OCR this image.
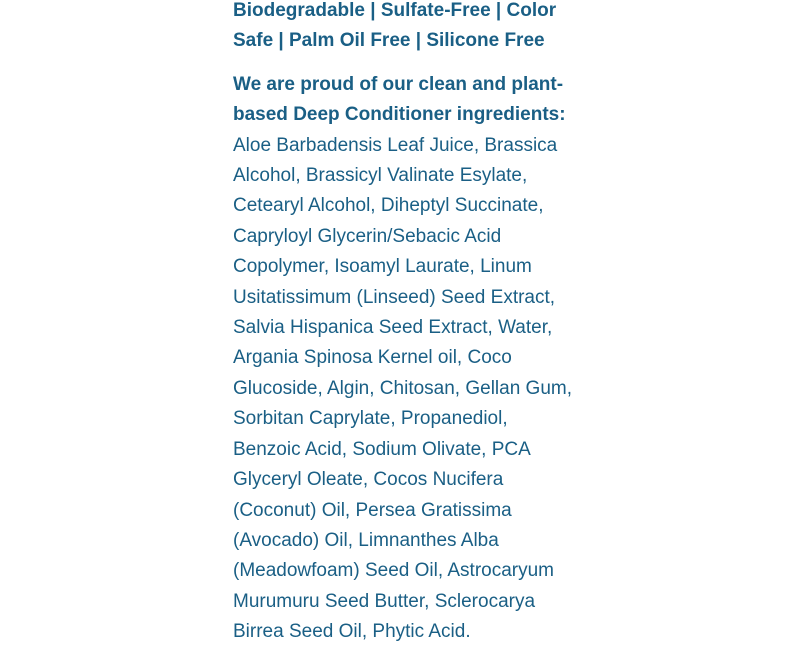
Biodegradable | Sulfate-Free | Color Safe | Palm Oil Free | Silicone Free

We are proud of our clean and plant-based Deep Conditioner ingredients: Aloe Barbadensis Leaf Juice, Brassica Alcohol, Brassicyl Valinate Esylate, Cetearyl Alcohol, Diheptyl Succinate, Capryloyl Glycerin/Sebacic Acid Copolymer, Isoamyl Laurate, Linum Usitatissimum (Linseed) Seed Extract, Salvia Hispanica Seed Extract, Water, Argania Spinosa Kernel oil, Coco Glucoside, Algin, Chitosan, Gellan Gum, Sorbitan Caprylate, Propanediol, Benzoic Acid, Sodium Olivate, PCA Glyceryl Oleate, Cocos Nucifera (Coconut) Oil, Persea Gratissima (Avocado) Oil, Limnanthes Alba (Meadowfoam) Seed Oil, Astrocaryum Murumuru Seed Butter, Sclerocarya Birrea Seed Oil, Phytic Acid.
